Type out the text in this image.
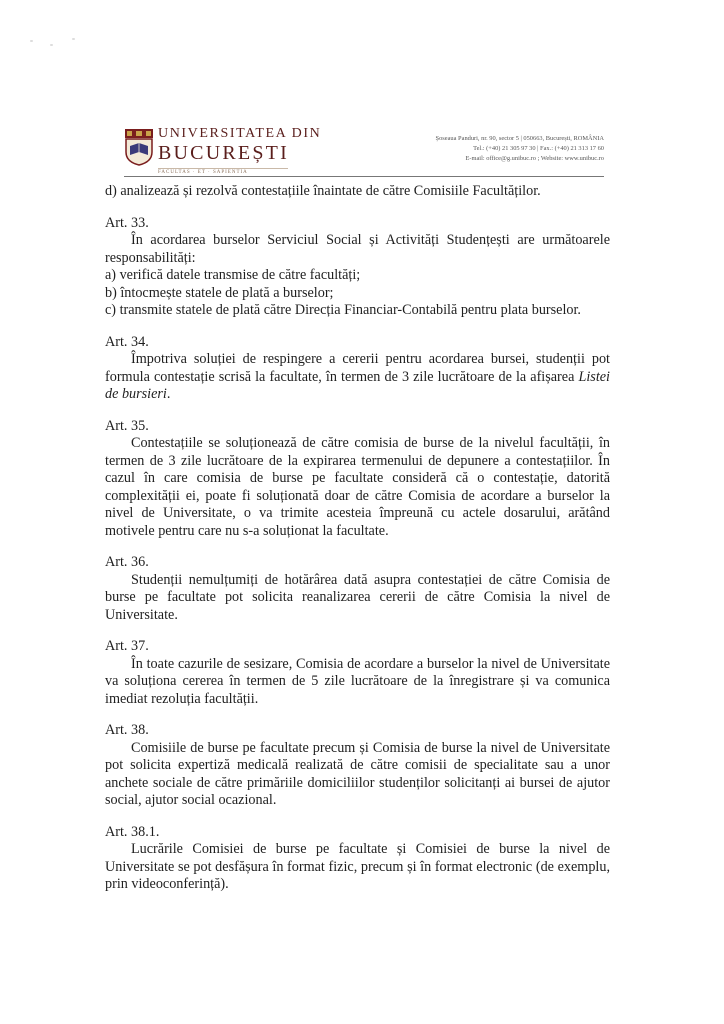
UNIVERSITATEA DIN
BUCUREȘTI
FACULTAS · ET · SAPIENTIA
Șoseaua Panduri, nr. 90, sector 5 | 050663, București, ROMÂNIA
Tel.: (+40) 21 305 97 30 | Fax.: (+40) 21 313 17 60
E-mail: office@g.unibuc.ro ; Website: www.unibuc.ro

d) analizează și rezolvă contestațiile înaintate de către Comisiile Facultăților.

Art. 33.

În acordarea burselor Serviciul Social și Activități Studențești are următoarele responsabilități:

a) verifică datele transmise de către facultăți;

b) întocmește statele de plată a burselor;

c) transmite statele de plată către Direcția Financiar-Contabilă pentru plata burselor.

Art. 34.

Împotriva soluției de respingere a cererii pentru acordarea bursei, studenții pot formula contestație scrisă la facultate, în termen de 3 zile lucrătoare de la afișarea Listei de bursieri.

Art. 35.

Contestațiile se soluționează de către comisia de burse de la nivelul facultății, în termen de 3 zile lucrătoare de la expirarea termenului de depunere a contestațiilor. În cazul în care comisia de burse pe facultate consideră că o contestație, datorită complexității ei, poate fi soluționată doar de către Comisia de acordare a burselor la nivel de Universitate, o va trimite acesteia împreună cu actele dosarului, arătând motivele pentru care nu s-a soluționat la facultate.

Art. 36.

Studenții nemulțumiți de hotărârea dată asupra contestației de către Comisia de burse pe facultate pot solicita reanalizarea cererii de către Comisia la nivel de Universitate.

Art. 37.

În toate cazurile de sesizare, Comisia de acordare a burselor la nivel de Universitate va soluționa cererea în termen de 5 zile lucrătoare de la înregistrare și va comunica imediat rezoluția facultății.

Art. 38.

Comisiile de burse pe facultate precum și Comisia de burse la nivel de Universitate pot solicita expertiză medicală realizată de către comisii de specialitate sau a unor anchete sociale de către primăriile domiciliilor studenților solicitanți ai bursei de ajutor social, ajutor social ocazional.

Art. 38.1.

Lucrările Comisiei de burse pe facultate și Comisiei de burse la nivel de Universitate se pot desfășura în format fizic, precum și în format electronic (de exemplu, prin videoconferință).
